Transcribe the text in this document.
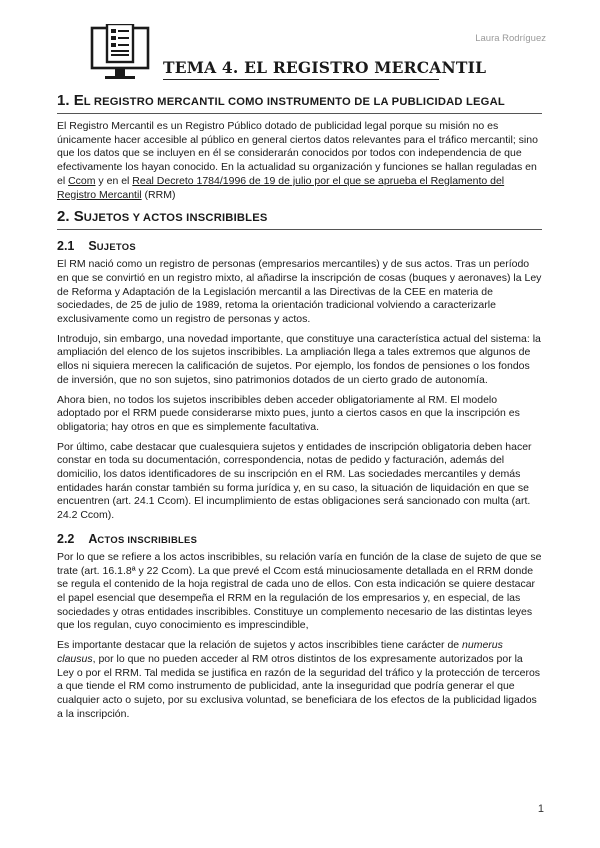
Laura Rodríguez
TEMA 4. EL REGISTRO MERCANTIL
1. EL REGISTRO MERCANTIL COMO INSTRUMENTO DE LA PUBLICIDAD LEGAL

El Registro Mercantil es un Registro Público dotado de publicidad legal porque su misión no es únicamente hacer accesible al público en general ciertos datos relevantes para el tráfico mercantil; sino que los datos que se incluyen en él se considerarán conocidos por todos con independencia de que efectivamente los hayan conocido. En la actualidad su organización y funciones se hallan reguladas en el Ccom y en el Real Decreto 1784/1996 de 19 de julio por el que se aprueba el Reglamento del Registro Mercantil (RRM)

2. SUJETOS Y ACTOS INSCRIBIBLES
2.1 SUJETOS

El RM nació como un registro de personas (empresarios mercantiles) y de sus actos. Tras un período en que se convirtió en un registro mixto, al añadirse la inscripción de cosas (buques y aeronaves) la Ley de Reforma y Adaptación de la Legislación mercantil a las Directivas de la CEE en materia de sociedades, de 25 de julio de 1989, retoma la orientación tradicional volviendo a caracterizarle exclusivamente como un registro de personas y actos.

Introdujo, sin embargo, una novedad importante, que constituye una característica actual del sistema: la ampliación del elenco de los sujetos inscribibles. La ampliación llega a tales extremos que algunos de ellos ni siquiera merecen la calificación de sujetos. Por ejemplo, los fondos de pensiones o los fondos de inversión, que no son sujetos, sino patrimonios dotados de un cierto grado de autonomía.

Ahora bien, no todos los sujetos inscribibles deben acceder obligatoriamente al RM. El modelo adoptado por el RRM puede considerarse mixto pues, junto a ciertos casos en que la inscripción es obligatoria; hay otros en que es simplemente facultativa.

Por último, cabe destacar que cualesquiera sujetos y entidades de inscripción obligatoria deben hacer constar en toda su documentación, correspondencia, notas de pedido y facturación, además del domicilio, los datos identificadores de su inscripción en el RM. Las sociedades mercantiles y demás entidades harán constar también su forma jurídica y, en su caso, la situación de liquidación en que se encuentren (art. 24.1 Ccom). El incumplimiento de estas obligaciones será sancionado con multa (art. 24.2 Ccom).

2.2 ACTOS INSCRIBIBLES

Por lo que se refiere a los actos inscribibles, su relación varía en función de la clase de sujeto de que se trate (art. 16.1.8ª y 22 Ccom). La que prevé el Ccom está minuciosamente detallada en el RRM donde se regula el contenido de la hoja registral de cada uno de ellos. Con esta indicación se quiere destacar el papel esencial que desempeña el RRM en la regulación de los empresarios y, en especial, de las sociedades y otras entidades inscribibles. Constituye un complemento necesario de las distintas leyes que los regulan, cuyo conocimiento es imprescindible,

Es importante destacar que la relación de sujetos y actos inscribibles tiene carácter de numerus clausus, por lo que no pueden acceder al RM otros distintos de los expresamente autorizados por la Ley o por el RRM. Tal medida se justifica en razón de la seguridad del tráfico y la protección de terceros a que tiende el RM como instrumento de publicidad, ante la inseguridad que podría generar el que cualquier acto o sujeto, por su exclusiva voluntad, se beneficiara de los efectos de la publicidad ligados a la inscripción.

1
